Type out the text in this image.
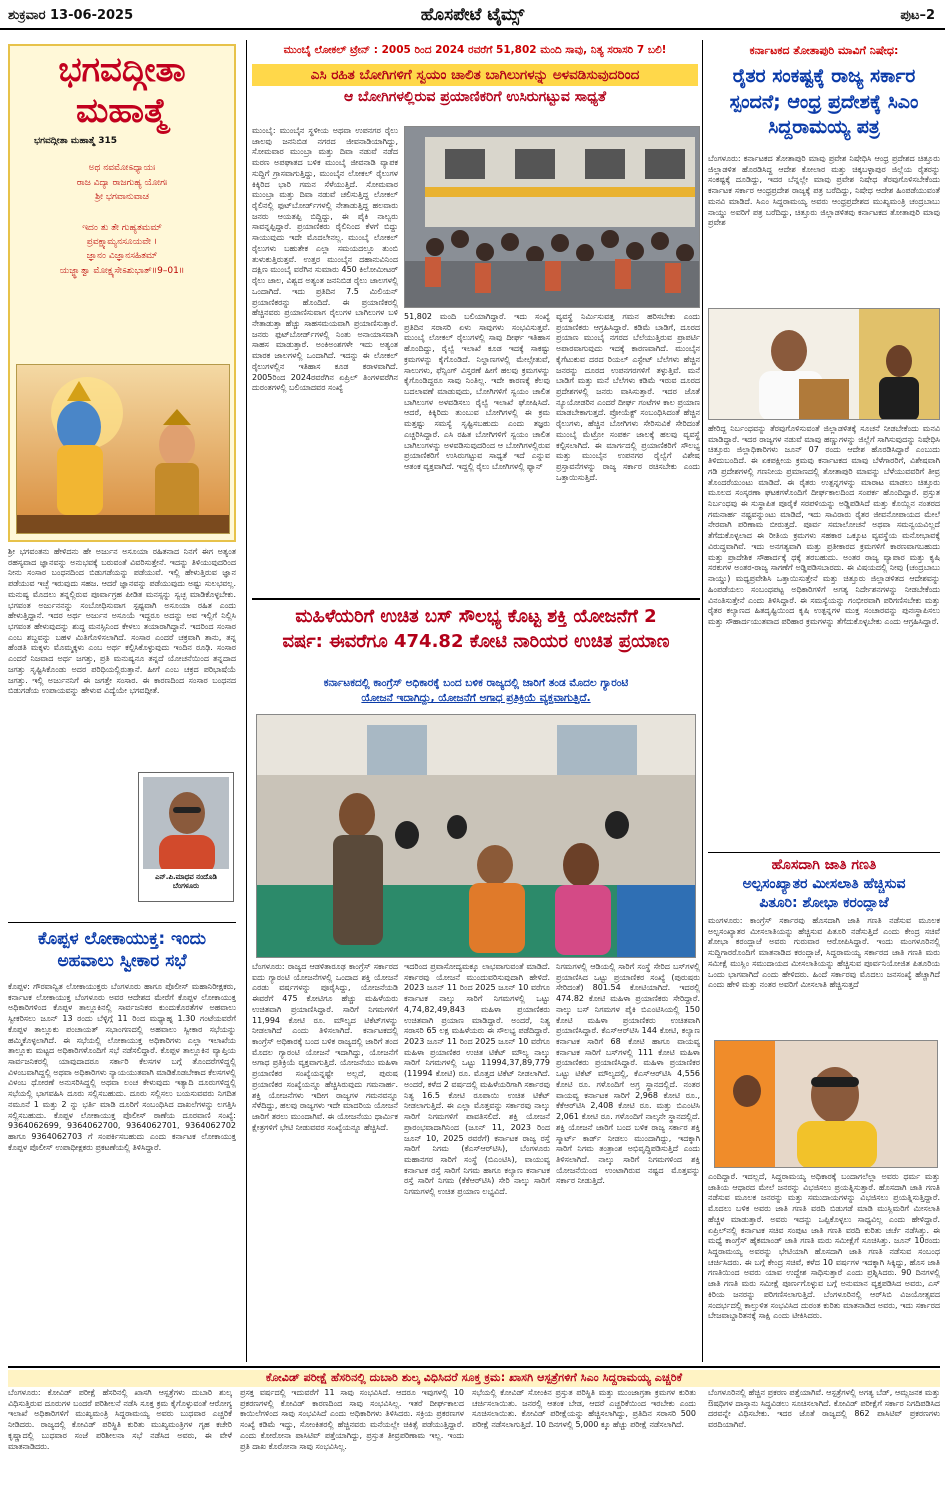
ಶುಕ್ರವಾರ 13-06-2025	ಹೊಸಪೇಟೆ ಟೈಮ್ಸ್	ಪುಟ–2
ಭಗವದ್ಗೀತಾ
ಮಹಾತ್ಮೆ
ಭಗವದ್ಗೀತಾ ಮಹಾತ್ಮೆ 315
ಅಥ ನವಮೋಽಧ್ಯಾಯಃ
ರಾಜ ವಿದ್ಯಾ ರಾಜಗುಹ್ಯ ಯೋಗಃ
ಶ್ರೀ ಭಗವಾನುವಾಚ
ಇದಂ ತು ತೇ ಗುಹ್ಯತಮಮ್
ಪ್ರವಕ್ಷ್ಯಾಮ್ಯನಸೂಯವೇ ।
ಜ್ಞಾನಂ ವಿಜ್ಞಾನಸಹಿತಮ್
ಯಜ್ಜ್ಞಾತ್ವಾ ಮೋಕ್ಷ್ಯಸೇಽಶುಭಾತ್॥9–01॥
ಶ್ರೀ ಭಗವಂತನು ಹೇಳಿದನು ಹೇ ಅರ್ಜುನ ಅಸೂಯಾ ರಹಿತನಾದ ನಿನಗೆ ಈಗ ಅತ್ಯಂತ ರಹಸ್ಯವಾದ ಜ್ಞಾನವನ್ನು ಅನುಭವಕ್ಕೆ ಬರುವಂತೆ ವಿವರಿಸುತ್ತೇನೆ. ಇದನ್ನು ತಿಳಿಯುವುದರಿಂದ ನೀನು ಸಂಸಾರ ಬಂಧನದಿಂದ ಬಿಡುಗಡೆಯನ್ನು ಪಡೆಯುವೆ. ಇಲ್ಲಿ ಹೇಳುತ್ತಿರುವ ಜ್ಞಾನ ಪಡೆಯುವ ಇಚ್ಛೆ ಇರುವುದು ಸಹಜ. ಆದರೆ ಜ್ಞಾನವನ್ನು ಪಡೆಯುವುದು ಅಷ್ಟು ಸುಲಭವಲ್ಲ. ಮನುಷ್ಯ ಮೊದಲು ತನ್ನಲ್ಲಿರುವ ಪೂರ್ವಾಗ್ರಹ ಪೀಡಿತ ಮನಸ್ಸನ್ನು ಸ್ವಚ್ಛ ಮಾಡಿಕೊಳ್ಳಬೇಕು. ಭಗವಂತ ಅರ್ಜುನನನ್ನು ಸಂಬೋಧಿಸುವಾಗ ಸ್ಪಷ್ಟವಾಗಿ ಅಸೂಯಾ ರಹಿತ ಎಂದು ಹೇಳುತ್ತಿದ್ದಾನೆ. ಇದರ ಅರ್ಥ ಅರ್ಜುನ ಅಸೂಯೆ ಇದ್ದರೂ ಅದನ್ನು ಅವ ಇಲ್ಲಿಗೆ ನಿಲ್ಲಿಸಿ ಭಗವಂತ ಹೇಳುವುದನ್ನು ಶುದ್ಧ ಮನಸ್ಸಿನಿಂದ ಕೇಳಲು ತಯಾರಾಗಿದ್ದಾನೆ. ಇದರಿಂದ ಸಂಸಾರ ಎಂಬ ಶಬ್ದವನ್ನು ಬಹಳ ಮಿತಿಗೊಳಿಸಲಾಗಿದೆ. ಸಂಸಾರ ಎಂದರೆ ಚಕ್ರವಾಗಿ ತಾನು, ತನ್ನ ಹೆಂಡತಿ ಮಕ್ಕಳು ಮೊಮ್ಮಕ್ಕಳು ಎಂಬ ಅರ್ಥ ಕಲ್ಪಿಸಿಕೊಳ್ಳುವುದು ಇಂದಿನ ರೂಢಿ. ಸಂಸಾರ ಎಂದರೆ ನಿಜವಾದ ಅರ್ಥ ಜಗತ್ತು, ಪ್ರತಿ ಮನುಷ್ಯನೂ ತನ್ನದೆ ಯೋಚನೆಯಿಂದ ತನ್ನದಾದ ಜಗತ್ತು ಸೃಷ್ಟಿಸಿಕೊಂಡು ಅದರ ಪರಿಧಿಯಲ್ಲಿರುತ್ತಾನೆ. ಹೀಗೆ ಎಂಬ ಚಕ್ರದ ಪರಿಭಾಷೆಯೆ ಜಗತ್ತು. ಇಲ್ಲಿ ಅರ್ಜುನನಿಗೆ ಈ ಜಗತ್ತೇ ಸಂಸಾರ. ಈ ಕಾರಣದಿಂದ ಸಂಸಾರ ಬಂಧನದ ಬಿಡುಗಡೆಯ ಉಪಾಯವನ್ನು ಹೇಳುವ ವಿದ್ಯೆಯೇ ಭಗವದ್ಗೀತೆ.
ಎನ್.ಪಿ.ಮಾಧವ ನಂದೊಡಿ
ಬೆಂಗಳೂರು
ಕೊಪ್ಪಳ ಲೋಕಾಯುಕ್ತ: ಇಂದು
ಅಹವಾಲು ಸ್ವೀಕಾರ ಸಭೆ
ಕೊಪ್ಪಳ: ಗೌರವಾನ್ವಿತ ಲೋಕಾಯುಕ್ತರು ಬೆಂಗಳೂರು ಹಾಗೂ ಪೊಲೀಸ್ ಮಹಾನಿರೀಕ್ಷಕರು, ಕರ್ನಾಟಕ ಲೋಕಾಯುಕ್ತ ಬೆಂಗಳೂರು ಅವರ ಆದೇಶದ ಮೇರೆಗೆ ಕೊಪ್ಪಳ ಲೋಕಾಯುಕ್ತ ಅಧಿಕಾರಿಗಳಿಂದ ಕೊಪ್ಪಳ ತಾಲ್ಲೂಕಿನಲ್ಲಿ ಸಾರ್ವಜನಿಕರ ಕುಂದುಕೊರತೆಗಳ ಅಹವಾಲು ಸ್ವೀಕರಿಸಲು ಜೂನ್ 13 ರಂದು ಬೆಳ್ಳಿಗ್ಗೆ 11 ರಿಂದ ಮಧ್ಯಾಹ್ನ 1.30 ಗಂಟೆಯವರೆಗೆ ಕೊಪ್ಪಳ ತಾಲ್ಲೂಕು ಪಂಚಾಯತ್ ಸಭಾಂಗಣದಲ್ಲಿ ಅಹವಾಲು ಸ್ವೀಕಾರ ಸಭೆಯನ್ನು ಹಮ್ಮಿಕೊಳ್ಳಲಾಗಿದೆ. ಈ ಸಭೆಯಲ್ಲಿ ಲೋಕಾಯುಕ್ತ ಅಧಿಕಾರಿಗಳು ಎಲ್ಲಾ ಇಲಾಖೆಯ ತಾಲ್ಲೂಕು ಮಟ್ಟದ ಅಧಿಕಾರಿಗಳೊಂದಿಗೆ ಸಭೆ ನಡೆಸಲಿದ್ದಾರೆ. ಕೊಪ್ಪಳ ತಾಲ್ಲೂಕಿನ ವ್ಯಾಪ್ತಿಯ ಸಾರ್ವಜನಿಕರಲ್ಲಿ ಯಾವುದಾದರೂ ಸರ್ಕಾರಿ ಕೆಲಸಗಳ ಬಗ್ಗೆ ತೊಂದರೆಗಳಿದ್ದಲ್ಲಿ ವಿಳಂಬವಾಗಿದ್ದಲ್ಲಿ ಅಥವಾ ಅಧಿಕಾರಿಗಳು ನ್ಯಾಯಯುತವಾಗಿ ಮಾಡಿಕೊಡಬೇಕಾದ ಕೆಲಸಗಳಲ್ಲಿ ವಿಳಂಬ ಧೋರಣೆ ಅನುಸರಿಸಿದ್ದಲ್ಲಿ ಅಥವಾ ಲಂಚ ಕೇಳುವುದು ಇತ್ಯಾದಿ ದೂರುಗಳಿದ್ದಲ್ಲಿ ಸಭೆಯಲ್ಲಿ ಭಾಗವಹಿಸಿ ದೂರು ಸಲ್ಲಿಸಬಹುದು. ದೂರು ಸಲ್ಲಿಸಲು ಬಯಸುವವರು ನಿಗದಿತ ನಮೂನೆ 1 ಮತ್ತು 2 ನ್ನು ಭರ್ತಿ ಮಾಡಿ ದೂರಿಗೆ ಸಂಬಂಧಿಸಿದ ದಾಖಲೆಗಳನ್ನು ಲಗತ್ತಿಸಿ ಸಲ್ಲಿಸಬಹುದು. ಕೊಪ್ಪಳ ಲೋಕಾಯುಕ್ತ ಪೊಲೀಸ್ ಠಾಣೆಯ ದೂರವಾಣಿ ಸಂಖ್ಯೆ: 9364062699, 9364062700, 9364062701, 9364062702 ಹಾಗೂ 9364062703 ಗೆ ಸಂಪರ್ಕಿಸಬಹುದು ಎಂದು ಕರ್ನಾಟಕ ಲೋಕಾಯುಕ್ತ ಕೊಪ್ಪಳ ಪೊಲೀಸ್ ಉಪಾಧೀಕ್ಷಕರು ಪ್ರಕಟಣೆಯಲ್ಲಿ ತಿಳಿಸಿದ್ದಾರೆ.
ಮುಂಬೈ ಲೋಕಲ್ ಟ್ರೇನ್ : 2005 ರಿಂದ 2024 ರವರೆಗೆ 51,802 ಮಂದಿ ಸಾವು, ನಿತ್ಯ ಸರಾಸರಿ 7 ಬಲಿ!
ಎಸಿ ರಹಿತ ಬೋಗಿಗಳಿಗೆ ಸ್ವಯಂ ಚಾಲಿತ ಬಾಗಿಲುಗಳನ್ನು ಅಳವಡಿಸುವುದರಿಂದ
ಆ ಬೋಗಿಗಳಲ್ಲಿರುವ ಪ್ರಯಾಣಿಕರಿಗೆ ಉಸಿರುಗಟ್ಟುವ ಸಾಧ್ಯತೆ
ಮುಂಬೈ: ಮುಂಬೈನ ಸ್ಥಳೀಯ ಅಥವಾ ಉಪನಗರ ರೈಲು ಜಾಲವು ಜನನಿಬಿಡ ನಗರದ ಜೀವನಾಡಿಯಾಗಿದ್ದು, ಸೋಮವಾರ ಮುಂಬ್ರಾ ಮತ್ತು ದಿವಾ ನಡುವೆ ನಡೆದ ಮರಣ ಅಪಘಾತದ ಬಳಿಕ ಮುಂಬೈ ಜೀವನಾಡಿ ವ್ಯಾಪಕ ಸುದ್ದಿಗೆ ಗ್ರಾಸವಾಗುತ್ತಿದ್ದು, ಮುಂಬೈನ ಲೋಕಲ್ ರೈಲುಗಳ ಕಿಕ್ಕಿರಿದ ಭಾರಿ ಗಮನ ಸೆಳೆಯುತ್ತಿದೆ. ಸೋಮವಾರ ಮುಂಬ್ರಾ ಮತ್ತು ದಿವಾ ನಡುವೆ ಚಲಿಸುತ್ತಿದ್ದ ಲೋಕಲ್ ರೈಲಿನಲ್ಲಿ ಫುಟ್‌ಬೋರ್ಡ್‌ಗಳಲ್ಲಿ ನೇತಾಡುತ್ತಿದ್ದ ಹಲವಾರು ಜನರು ಆಯತಪ್ಪಿ ಬಿದ್ದಿದ್ದು, ಈ ಪೈಕಿ ನಾಲ್ವರು ಸಾವನ್ನಪ್ಪಿದ್ದಾರೆ. ಪ್ರಯಾಣಿಕರು ರೈಲಿನಿಂದ ಕೆಳಗೆ ಬಿದ್ದು ಸಾಯುವುದು ಇದೇ ಮೊದಲೇನಲ್ಲ. ಮುಂಬೈ ಲೋಕಲ್ ರೈಲುಗಳು ಬಹುತೇಕ ಎಲ್ಲಾ ಸಮಯದಲ್ಲೂ ತುಂಬಿ ತುಳುಕುತ್ತಿರುತ್ತವೆ. ಉತ್ತರ ಮುಂಬೈನ ದಹಾನುವಿನಿಂದ ದಕ್ಷಿಣ ಮುಂಬೈ ವರೆಗಿನ ಸುಮಾರು 450 ಕಿಲೋಮೀಟರ್ ರೈಲು ಜಾಲ, ವಿಶ್ವದ ಅತ್ಯಂತ ಜನನಿಬಿಡ ರೈಲು ಜಾಲಗಳಲ್ಲಿ ಒಂದಾಗಿದೆ. ಇದು ಪ್ರತಿದಿನ 7.5 ಮಿಲಿಯನ್ ಪ್ರಯಾಣಿಕರನ್ನು ಹೊಂದಿದೆ. ಈ ಪ್ರಯಾಣಿಕರಲ್ಲಿ ಹೆಚ್ಚಿನವರು ಪ್ರಯಾಣಿಸುವಾಗ ರೈಲುಗಳ ಬಾಗಿಲುಗಳ ಬಳಿ ನೇತಾಡುತ್ತಾ ಹೆಚ್ಚು ಸಾಹಸಮಯವಾಗಿ ಪ್ರಯಾಣಿಸುತ್ತಾರೆ. ಜನರು ಫುಟ್‌ಬೋರ್ಡ್‌ಗಳಲ್ಲಿ ನಿಂತು ಅನಾಯಾಸವಾಗಿ ಸಾಹಸ ಮಾಡುತ್ತಾರೆ. ಅಂಕಿಅಂಶಗಳೇ ಇದು ಅತ್ಯಂತ ಮಾರಕ ಜಾಲಗಳಲ್ಲಿ ಒಂದಾಗಿದೆ. ಇದನ್ನು ಈ ಲೋಕಲ್ ರೈಲುಗಳಲ್ಲಿನ ಇತಿಹಾಸ ಕೂಡ ಕರಾಳವಾಗಿದೆ. 2005ರಿಂದ 2024ರವರೆಗಿನ ಏಪ್ರಿಲ್ ತಿಂಗಳವರೆಗಿನ ದುರಂತಗಳಲ್ಲಿ ಬಲಿಯಾದವರ ಸಂಖ್ಯೆ
51,802 ಮಂದಿ ಬಲಿಯಾಗಿದ್ದಾರೆ. ಇದು ಸಂಖ್ಯೆ ಪ್ರತಿದಿನ ಸರಾಸರಿ ಏಳು ಸಾವುಗಳು ಸಂಭವಿಸುತ್ತವೆ. ಮುಂಬೈ ಲೋಕಲ್ ರೈಲುಗಳಲ್ಲಿ ಸಾವು ದೀರ್ಘ ಇತಿಹಾಸ ಹೊಂದಿದ್ದು, ರೈಲ್ವೆ ಇಲಾಖೆ ಕೂಡ ಇದಕ್ಕೆ ಸಾಕಷ್ಟು ಕ್ರಮಗಳನ್ನು ಕೈಗೊಂಡಿದೆ. ನಿಲ್ದಾಣಗಳಲ್ಲಿ ಮೇಲ್ಸೇತುವೆ, ಸಾಲುಗಳು, ಫೆನ್ಸಿಂಗ್ ವಿಸ್ತರಣೆ ಹೀಗೆ ಹಲವು ಕ್ರಮಗಳನ್ನು ಕೈಗೊಂಡಿದ್ದರೂ ಸಾವು ನಿಂತಿಲ್ಲ. ಇದೇ ಕಾರಣಕ್ಕೆ ಕೆಲವು ಬದಲಾವಣೆ ಮಾಡುವುದು, ಬೋಗಿಗಳಿಗೆ ಸ್ವಯಂ ಚಾಲಿತ ಬಾಗಿಲುಗಳ ಅಳವಡಿಸಲು ರೈಲ್ವೆ ಇಲಾಖೆ ಘೋಷಿಸಿದೆ. ಆದರೆ, ಕಿಕ್ಕಿರಿದು ತುಂಬುವ ಬೋಗಿಗಳಲ್ಲಿ ಈ ಕ್ರಮ ಮತ್ತಷ್ಟು ಸಮಸ್ಯೆ ಸೃಷ್ಟಿಸಬಹುದು ಎಂದು ತಜ್ಞರು ಎಚ್ಚರಿಸಿದ್ದಾರೆ. ಎಸಿ ರಹಿತ ಬೋಗಿಗಳಿಗೆ ಸ್ವಯಂ ಚಾಲಿತ ಬಾಗಿಲುಗಳನ್ನು ಅಳವಡಿಸುವುದರಿಂದ ಆ ಬೋಗಿಗಳಲ್ಲಿರುವ ಪ್ರಯಾಣಿಕರಿಗೆ ಉಸಿರುಗಟ್ಟುವ ಸಾಧ್ಯತೆ ಇದೆ ಎನ್ನುವ ಆತಂಕ ವ್ಯಕ್ತವಾಗಿದೆ. ಇದ್ದಲ್ಲಿ ರೈಲು ಬೋಗಿಗಳಲ್ಲಿ ಫ್ಯಾನ್
ವ್ಯವಸ್ಥೆ ನಿರ್ಮಿಸುವತ್ತ ಗಮನ ಹರಿಸಬೇಕು ಎಂದು ಪ್ರಯಾಣಿಕರು ಆಗ್ರಹಿಸಿದ್ದಾರೆ. ಕಡಿಮೆ ಬಾಡಿಗೆ, ದೂರದ ಪ್ರಯಾಣ ಮುಂಬೈ ನಗರದ ಬೆಲೆಯುತ್ತಿರುವ ಪ್ರಾಪರ್ಟಿ ಅಪಾರವಾಗುವುದು ಇದಕ್ಕೆ ಕಾರಣವಾಗಿದೆ. ಮುಂಬೈನ ಕೈಗೆಟುಕುವ ದರದ ರಿಯಲ್ ಎಸ್ಟೇಟ್ ಬೆಲೆಗಳು ಹೆಚ್ಚಿನ ಜನರನ್ನು ದೂರದ ಉಪನಗರಗಳಿಗೆ ತಳ್ಳುತ್ತಿವೆ. ಮನೆ ಬಾಡಿಗೆ ಮತ್ತು ಮನೆ ಬೆಲೆಗಳು ಕಡಿಮೆ ಇರುವ ದೂರದ ಪ್ರದೇಶಗಳಲ್ಲಿ ಜನರು ವಾಸಿಸುತ್ತಾರೆ. ಇದರ ಜೊತೆ ನ್ಯೂಯೋಡರಿನ ಎಂದರೆ ದೀರ್ಘ ಗಂಟೆಗಳ ಕಾಲ ಪ್ರಯಾಣ ಮಾಡಬೇಕಾಗುತ್ತದೆ. ಪ್ರೋಯೆಕ್ಟ್ ಸಂಬಂಧಿಸಿದಂತೆ ಹೆಚ್ಚಿನ ರೈಲುಗಳು, ಹೆಚ್ಚಿನ ಬೋಗಿಗಳು ಸೇರಿಸುವಿಕೆ ಸೇರಿದಂತೆ ಮುಂಬೈ ಮೆಟ್ರೋ ಸಂಪರ್ಕ ಜಾಲಕ್ಕೆ ಹಲವು ವ್ಯವಸ್ಥೆ ಕಲ್ಪಿಸಲಾಗಿದೆ. ಈ ಮಾರ್ಗದಲ್ಲಿ ಪ್ರಯಾಣಿಕರಿಗೆ ಸೌಲಭ್ಯ ಮತ್ತು ಮುಂಬೈನ ಉಪನಗರ ರೈಲ್ವೆಗೆ ವಿಶೇಷ ಪ್ರಸ್ತಾವನೆಗಳನ್ನು ರಾಜ್ಯ ಸರ್ಕಾರ ರಚಿಸಬೇಕು ಎಂದು ಒತ್ತಾಯಿಸುತ್ತಿದೆ.
ಮಹಿಳೆಯರಿಗೆ ಉಚಿತ ಬಸ್ ಸೌಲಭ್ಯ ಕೊಟ್ಟ ಶಕ್ತಿ ಯೋಜನೆಗೆ 2
ವರ್ಷ: ಈವರೆಗೂ 474.82 ಕೋಟಿ ನಾರಿಯರ ಉಚಿತ ಪ್ರಯಾಣ
ಕರ್ನಾಟಕದಲ್ಲಿ ಕಾಂಗ್ರೆಸ್ ಅಧಿಕಾರಕ್ಕೆ ಬಂದ ಬಳಿಕ ರಾಜ್ಯದಲ್ಲಿ ಜಾರಿಗೆ ತಂಡ ಮೊದಲ ಗ್ಯಾರಂಟಿ
ಯೋಜನೆ ಇದಾಗಿದ್ದು, ಯೋಜನೆಗೆ ಅಗಾಧ ಪ್ರತಿಕ್ರಿಯೆ ವ್ಯಕ್ತವಾಗುತ್ತಿದೆ.
ಬೆಂಗಳೂರು: ರಾಜ್ಯದ ಆಡಳಿತಾರೂಢ ಕಾಂಗ್ರೆಸ್ ಸರ್ಕಾರದ ಐದು ಗ್ಯಾರಂಟಿ ಯೋಜನೆಗಳಲ್ಲಿ ಒಂದಾದ ಶಕ್ತಿ ಯೋಜನೆ ಎರಡು ವರ್ಷಗಳನ್ನು ಪೂರೈಸಿದ್ದು, ಯೋಜನೆಯಡಿ ಈವರೆಗೆ 475 ಕೋಟಿಗೂ ಹೆಚ್ಚು ಮಹಿಳೆಯರು ಉಚಿತವಾಗಿ ಪ್ರಯಾಣಿಸಿದ್ದಾರೆ. ಸಾರಿಗೆ ನಿಗಮಗಳಿಗೆ 11,994 ಕೋಟಿ ರೂ. ಮೌಲ್ಯದ ಟಿಕೆಟ್‌ಗಳನ್ನು ನೀಡಲಾಗಿದೆ ಎಂದು ತಿಳಿಸಲಾಗಿದೆ. ಕರ್ನಾಟಕದಲ್ಲಿ ಕಾಂಗ್ರೆಸ್ ಅಧಿಕಾರಕ್ಕೆ ಬಂದ ಬಳಿಕ ರಾಜ್ಯದಲ್ಲಿ ಜಾರಿಗೆ ತಂದ ಮೊದಲ ಗ್ಯಾರಂಟಿ ಯೋಜನೆ ಇದಾಗಿದ್ದು, ಯೋಜನೆಗೆ ಅಗಾಧ ಪ್ರತಿಕ್ರಿಯೆ ವ್ಯಕ್ತವಾಗುತ್ತಿದೆ. ಯೋಜನೆಯು ಮಹಿಳಾ ಪ್ರಯಾಣಿಕರ ಸಂಖ್ಯೆಯನ್ನಷ್ಟೇ ಅಲ್ಲದೆ, ಪುರುಷ ಪ್ರಯಾಣಿಕರ ಸಂಖ್ಯೆಯನ್ನೂ ಹೆಚ್ಚಿಸಿರುವುದು ಗಮನಾರ್ಹ. ಶಕ್ತಿ ಯೋಜನೆಗಳು ಇದೀಗ ರಾಜ್ಯಗಳ ಗಮನವನ್ನೂ ಸೆಳೆದಿದ್ದು, ಹಲವು ರಾಜ್ಯಗಳು ಇದೇ ಮಾದರಿಯ ಯೋಜನೆ ಜಾರಿಗೆ ತರಲು ಮುಂದಾಗಿವೆ. ಈ ಯೋಜನೆಯು ಧಾರ್ಮಿಕ ಕ್ಷೇತ್ರಗಳಿಗೆ ಭೇಟಿ ನೀಡುವವರ ಸಂಖ್ಯೆಯನ್ನೂ ಹೆಚ್ಚಿಸಿದೆ.
ಇದರಿಂದ ಪ್ರವಾಸೋದ್ಯಮಕ್ಕೂ ಲಾಭವಾಗುವಂತೆ ಮಾಡಿದೆ. ಸರ್ಕಾರವು ಯೋಜನೆ ಮುಂದುವರಿಸುವುದಾಗಿ ಹೇಳಿದೆ. 2023 ಜೂನ್ 11 ರಿಂದ 2025 ಜೂನ್ 10 ವರೆಗೂ ಕರ್ನಾಟಕ ನಾಲ್ಕು ಸಾರಿಗೆ ನಿಗಮಗಳಲ್ಲಿ ಒಟ್ಟು 4,74,82,49,843 ಮಹಿಳಾ ಪ್ರಯಾಣಿಕರು ಉಚಿತವಾಗಿ ಪ್ರಯಾಣ ಮಾಡಿದ್ದಾರೆ. ಅಂದರೆ, ನಿತ್ಯ ಸರಾಸರಿ 65 ಲಕ್ಷ ಮಹಿಳೆಯರು ಈ ಸೌಲಭ್ಯ ಪಡೆದಿದ್ದಾರೆ. 2023 ಜೂನ್ 11 ರಿಂದ 2025 ಜೂನ್ 10 ವರೆಗೂ ಮಹಿಳಾ ಪ್ರಯಾಣಿಕರ ಉಚಿತ ಟಿಕೆಟ್ ಮೌಲ್ಯ ನಾಲ್ಕು ಸಾರಿಗೆ ನಿಗಮಗಳಲ್ಲಿ ಒಟ್ಟು 11994,37,89,779 (11994 ಕೋಟಿ) ರೂ. ಮೊತ್ತದ ಟಿಕೆಟ್ ನೀಡಲಾಗಿದೆ. ಅಂದರೆ, ಕಳೆದ 2 ವರ್ಷದಲ್ಲಿ ಮಹಿಳೆಯರಿಗಾಗಿ ಸರ್ಕಾರವು ನಿತ್ಯ 16.5 ಕೋಟಿ ರೂಪಾಯಿ ಉಚಿತ ಟಿಕೆಟ್ ನೀಡಲಾಗುತ್ತಿದೆ. ಈ ಎಲ್ಲಾ ಮೊತ್ತವನ್ನು ಸರ್ಕಾರವು ನಾಲ್ಕು ಸಾರಿಗೆ ನಿಗಮಗಳಿಗೆ ಪಾವತಿಸಲಿದೆ. ಶಕ್ತಿ ಯೋಜನೆ ಪ್ರಾರಂಭವಾದಾಗಿನಿಂದ (ಜೂನ್ 11, 2023 ರಿಂದ ಜೂನ್ 10, 2025 ರವರೆಗೆ) ಕರ್ನಾಟಕ ರಾಜ್ಯ ರಸ್ತೆ ಸಾರಿಗೆ ನಿಗಮ (ಕೆಎಸ್‌ಆರ್‌ಟಿಸಿ), ಬೆಂಗಳೂರು ಮಹಾನಗರ ಸಾರಿಗೆ ಸಂಸ್ಥೆ (ಬಿಎಂಟಿಸಿ), ವಾಯುವ್ಯ ಕರ್ನಾಟಕ ರಸ್ತೆ ಸಾರಿಗೆ ನಿಗಮ ಹಾಗೂ ಕಲ್ಯಾಣ ಕರ್ನಾಟಕ ರಸ್ತೆ ಸಾರಿಗೆ ನಿಗಮ (ಕೆಕೆಆರ್‌ಟಿಸಿ) ಸೇರಿ ನಾಲ್ಕು ಸಾರಿಗೆ ನಿಗಮಗಳಲ್ಲಿ ಉಚಿತ ಪ್ರಯಾಣ ಲಭ್ಯವಿದೆ.
ನಿಗಮಗಳಲ್ಲಿ ಆಡಿಯಲ್ಲಿ ಸಾರಿಗೆ ಸಂಸ್ಥೆ ಸೇರಿದ ಬಸ್‌ಗಳಲ್ಲಿ ಪ್ರಯಾಣಿಸಿದ ಒಟ್ಟು ಪ್ರಯಾಣಿಕರ ಸಂಖ್ಯೆ (ಪುರುಷರು ಸೇರಿದಂತೆ) 801.54 ಕೋಟಿಯಾಗಿದೆ. ಇದರಲ್ಲಿ 474.82 ಕೋಟಿ ಮಹಿಳಾ ಪ್ರಯಾಣಿಕರು ಸೇರಿದ್ದಾರೆ. ನಾಲ್ಕು ಬಸ್ ನಿಗಮಗಳ ಪೈಕಿ ಬಿಎಂಟಿಸಿಯಲ್ಲಿ 150 ಕೋಟಿ ಮಹಿಳಾ ಪ್ರಯಾಣಿಕರು ಉಚಿತವಾಗಿ ಪ್ರಯಾಣಿಸಿದ್ದಾರೆ. ಕೆಎಸ್‌ಆರ್‌ಟಿಸಿ 144 ಕೋಟಿ, ಕಲ್ಯಾಣ ಕರ್ನಾಟಕ ಸಾರಿಗೆ 68 ಕೋಟಿ ಹಾಗೂ ವಾಯವ್ಯ ಕರ್ನಾಟಕ ಸಾರಿಗೆ ಬಸ್‌ಗಳಲ್ಲಿ 111 ಕೋಟಿ ಮಹಿಳಾ ಪ್ರಯಾಣಿಕರು ಪ್ರಯಾಣಿಸಿದ್ದಾರೆ. ಮಹಿಳಾ ಪ್ರಯಾಣಿಕರ ಒಟ್ಟು ಟಿಕೆಟ್ ಮೌಲ್ಯದಲ್ಲಿ, ಕೆಎಸ್‌ಆರ್‌ಟಿಸಿ 4,556 ಕೋಟಿ ರೂ. ಗಳೊಂದಿಗೆ ಅಗ್ರ ಸ್ಥಾನದಲ್ಲಿದೆ. ನಂತರ ವಾಯವ್ಯ ಕರ್ನಾಟಕ ಸಾರಿಗೆ 2,968 ಕೋಟಿ ರೂ., ಕೆಕೆಆರ್‌ಟಿಸಿ 2,408 ಕೋಟಿ ರೂ. ಮತ್ತು ಬಿಎಂಟಿಸಿ 2,061 ಕೋಟಿ ರೂ. ಗಳೊಂದಿಗೆ ನಾಲ್ಕನೇ ಸ್ಥಾನದಲ್ಲಿದೆ. ಶಕ್ತಿ ಯೋಜನೆ ಜಾರಿಗೆ ಬಂದ ಬಳಿಕ ರಾಜ್ಯ ಸರ್ಕಾರ ಶಕ್ತಿ ಸ್ಮಾರ್ಟ್ ಕಾರ್ಡ್ ನೀಡಲು ಮುಂದಾಗಿದ್ದು, ಇದಕ್ಕಾಗಿ ಸಾರಿಗೆ ನಿಗಮ ತಂತ್ರಾಂಶ ಅಭಿವೃದ್ಧಿಪಡಿಸುತ್ತಿದೆ ಎಂದು ತಿಳಿಸಲಾಗಿದೆ. ನಾಲ್ಕು ಸಾರಿಗೆ ನಿಗಮಗಳಿಂದ ಶಕ್ತಿ ಯೋಜನೆಯಿಂದ ಉಂಟಾಗಿರುವ ನಷ್ಟದ ಮೊತ್ತವನ್ನು ಸರ್ಕಾರ ನೀಡುತ್ತಿದೆ.
ಕರ್ನಾಟಕದ ತೋತಾಪುರಿ ಮಾವಿಗೆ ನಿಷೇಧ:
ರೈತರ ಸಂಕಷ್ಟಕ್ಕೆ ರಾಜ್ಯ ಸರ್ಕಾರ
ಸ್ಪಂದನೆ; ಆಂಧ್ರ ಪ್ರದೇಶಕ್ಕೆ ಸಿಎಂ
ಸಿದ್ದರಾಮಯ್ಯ ಪತ್ರ
ಬೆಂಗಳೂರು: ಕರ್ನಾಟಕದ ತೋತಾಪುರಿ ಮಾವು ಪ್ರವೇಶ ನಿಷೇಧಿಸಿ ಆಂಧ್ರ ಪ್ರದೇಶದ ಚಿತ್ತೂರು ಜಿಲ್ಲಾಡಳಿತ ಹೊರಡಿಸಿದ್ದ ಆದೇಶ ಕೋಲಾರ ಮತ್ತು ಚಿಕ್ಕಬಳ್ಳಾಪುರ ಜಿಲ್ಲೆಯ ರೈತರನ್ನು ಸಂಕಷ್ಟಕ್ಕೆ ದೂಡಿದ್ದು, ಇದರ ಬೆನ್ನಲ್ಲೇ ಮಾವು ಪ್ರವೇಶ ನಿಷೇಧ ತೆರವುಗೊಳಿಸಬೇಕೆಂದು ಕರ್ನಾಟಕ ಸರ್ಕಾರ ಆಂಧ್ರಪ್ರದೇಶ ರಾಜ್ಯಕ್ಕೆ ಪತ್ರ ಬರೆದಿದ್ದು, ನಿಷೇಧ ಆದೇಶ ಹಿಂಪಡೆಯುವಂತೆ ಮನವಿ ಮಾಡಿದೆ. ಸಿಎಂ ಸಿದ್ದರಾಮಯ್ಯ ಅವರು ಆಂಧ್ರಪ್ರದೇಶದ ಮುಖ್ಯಮಂತ್ರಿ ಚಂದ್ರಬಾಬು ನಾಯ್ಡು ಅವರಿಗೆ ಪತ್ರ ಬರೆದಿದ್ದು, ಚಿತ್ತೂರು ಜಿಲ್ಲಾಡಳಿತವು ಕರ್ನಾಟಕದ ತೋತಾಪುರಿ ಮಾವು ಪ್ರವೇಶ
ಹೇರಿದ್ದ ನಿರ್ಬಂಧವನ್ನು ತೆರವುಗೊಳಿಸುವಂತೆ ಜಿಲ್ಲಾಡಳಿತಕ್ಕೆ ಸೂಚನೆ ನೀಡಬೇಕೆಂದು ಮನವಿ ಮಾಡಿದ್ದಾರೆ. ಇದರ ರಾಜ್ಯಗಳ ನಡುವೆ ಮಾವು ಹಣ್ಣುಗಳನ್ನು ಜಿಲ್ಲೆಗೆ ಸಾಗಿಸುವುದನ್ನು ನಿಷೇಧಿಸಿ ಚಿತ್ತೂರು ಜಿಲ್ಲಾಧಿಕಾರಿಗಳು ಜೂನ್ 07 ರಂದು ಆದೇಶ ಹೊರಡಿಸಿದ್ದಾರೆ ಎಂಬುದು ತಿಳಿದುಬಂದಿದೆ. ಈ ಏಕಪಕ್ಷೀಯ ಕ್ರಮವು ಕರ್ನಾಟಕದ ಮಾವು ಬೆಳೆಗಾರರಿಗೆ, ವಿಶೇಷವಾಗಿ ಗಡಿ ಪ್ರದೇಶಗಳಲ್ಲಿ ಗಣನೀಯ ಪ್ರಮಾಣದಲ್ಲಿ ತೋತಾಪುರಿ ಮಾವನ್ನು ಬೆಳೆಯುವವರಿಗೆ ತೀವ್ರ ತೊಂದರೆಯುಂಟು ಮಾಡಿದೆ. ಈ ರೈತರು ಉತ್ಪನ್ನಗಳನ್ನು ಮಾರಾಟ ಮಾಡಲು ಚಿತ್ತೂರು ಮೂಲದ ಸಂಸ್ಕರಣಾ ಘಟಕಗಳೊಂದಿಗೆ ದೀರ್ಘಕಾಲದಿಂದ ಸಂಪರ್ಕ ಹೊಂದಿದ್ದಾರೆ. ಪ್ರಸ್ತುತ ನಿರ್ಬಂಧವು ಈ ಸುಸ್ಥಾಪಿತ ಪೂರೈಕೆ ಸರಪಳಿಯನ್ನು ಅಡ್ಡಿಪಡಿಸಿದೆ ಮತ್ತು ಕೊಯ್ಲಿನ ನಂತರದ ಗಮನಾರ್ಹ ನಷ್ಟವನ್ನುಂಟು ಮಾಡಿದೆ, ಇದು ಸಾವಿರಾರು ರೈತರ ಜೀವನೋಪಾಯದ ಮೇಲೆ ನೇರವಾಗಿ ಪರಿಣಾಮ ಬೀರುತ್ತದೆ. ಪೂರ್ವ ಸಮಾಲೋಚನೆ ಅಥವಾ ಸಮನ್ವಯವಿಲ್ಲದೆ ತೆಗೆದುಕೊಳ್ಳಲಾದ ಈ ರೀತಿಯ ಕ್ರಮಗಳು ಸಹಕಾರ ಒಕ್ಕೂಟ ವ್ಯವಸ್ಥೆಯ ಮನೋಭಾವಕ್ಕೆ ವಿರುದ್ಧವಾಗಿವೆ. ಇದು ಅನಗತ್ಯವಾಗಿ ಮತ್ತು ಪ್ರತೀಕಾರದ ಕ್ರಮಗಳಿಗೆ ಕಾರಣವಾಗಬಹುದು ಮತ್ತು ಪ್ರಾದೇಶಿಕ ಸೌಹಾರ್ದಕ್ಕೆ ಧಕ್ಕೆ ತರಬಹುದು. ಅಂತರ ರಾಜ್ಯ ವ್ಯಾಪಾರ ಮತ್ತು ಕೃಷಿ ಸರಕುಗಳ ಅಂತರ-ರಾಜ್ಯ ಸಾಗಣೆಗೆ ಅಡ್ಡಿಪಡಿಸಬಾರದು. ಈ ವಿಷಯದಲ್ಲಿ ನೀವು (ಚಂದ್ರಬಾಬು ನಾಯ್ಡು) ಮಧ್ಯಪ್ರವೇಶಿಸಿ ಒತ್ತಾಯಿಸುತ್ತೇನೆ ಮತ್ತು ಚಿತ್ತೂರು ಜಿಲ್ಲಾಡಳಿತದ ಆದೇಶವನ್ನು ಹಿಂಪಡೆಯಲು ಸಂಬಂಧಪಟ್ಟ ಅಧಿಕಾರಿಗಳಿಗೆ ಅಗತ್ಯ ನಿರ್ದೇಶನಗಳನ್ನು ನೀಡಬೇಕೆಂದು ವಿನಂತಿಸುತ್ತೇನೆ ಎಂದು ತಿಳಿಸಿದ್ದಾರೆ. ಈ ಸಮಸ್ಯೆಯನ್ನು ಗಂಭೀರವಾಗಿ ಪರಿಗಣಿಸಬೇಕು ಮತ್ತು ರೈತರ ಕಲ್ಯಾಣದ ಹಿತದೃಷ್ಟಿಯಿಂದ ಕೃಷಿ ಉತ್ಪನ್ನಗಳ ಮುಕ್ತ ಸಂಚಾರವನ್ನು ಪುನಃಸ್ಥಾಪಿಸಲು ಮತ್ತು ಸೌಹಾರ್ದಯುತವಾದ ಪರಿಹಾರ ಕ್ರಮಗಳನ್ನು ತೆಗೆದುಕೊಳ್ಳಬೇಕು ಎಂದು ಆಗ್ರಹಿಸಿದ್ದಾರೆ.
ಹೊಸದಾಗಿ ಜಾತಿ ಗಣತಿ
ಅಲ್ಪಸಂಖ್ಯಾತರ ಮೀಸಲಾತಿ ಹೆಚ್ಚಿಸುವ
ಪಿತೂರಿ: ಶೋಭಾ ಕರಂದ್ಲಾಜೆ
ಮಂಗಳೂರು: ಕಾಂಗ್ರೆಸ್ ಸರ್ಕಾರವು ಹೊಸದಾಗಿ ಜಾತಿ ಗಣತಿ ನಡೆಸುವ ಮೂಲಕ ಅಲ್ಪಸಂಖ್ಯಾತರ ಮೀಸಲಾತಿಯನ್ನು ಹೆಚ್ಚಿಸುವ ಪಿತೂರಿ ನಡೆಸುತ್ತಿದೆ ಎಂದು ಕೇಂದ್ರ ಸಚಿವೆ ಶೋಭಾ ಕರಂದ್ಲಾಜೆ ಅವರು ಗುರುವಾರ ಆರೋಪಿಸಿದ್ದಾರೆ. ಇಂದು ಮಂಗಳೂರಿನಲ್ಲಿ ಸುದ್ದಿಗಾರರೊಂದಿಗೆ ಮಾತನಾಡಿದ ಕರಂದ್ಲಾಜೆ, ಸಿದ್ದರಾಮಯ್ಯ ಸರ್ಕಾರದ ಜಾತಿ ಗಣತಿ ಮರು ಸಮೀಕ್ಷೆ ಮುಸ್ಲಿಂ ಸಮುದಾಯದ ಮೀಸಲಾತಿಯನ್ನು ಹೆಚ್ಚಿಸುವ ಪೂರ್ವನಿಯೋಜಿತ ಪಿತೂರಿಯ ಒಂದು ಭಾಗವಾಗಿದೆ ಎಂದು ಹೇಳಿದರು. ಹಿಂದೆ ಸರ್ಕಾರವು ಮೊದಲು ಜನಸಂಖ್ಯೆ ಹೆಚ್ಚಾಗಿದೆ ಎಂದು ಹೇಳಿ ಮತ್ತು ನಂತರ ಅವರಿಗೆ ಮೀಸಲಾತಿ ಹೆಚ್ಚಿಸುತ್ತದೆ
ಎಂದಿದ್ದಾರೆ. ಇದಲ್ಲದೆ, ಸಿದ್ದರಾಮಯ್ಯ ಅಧಿಕಾರಕ್ಕೆ ಬಂದಾಗಲೆಲ್ಲಾ ಅವರು ಧರ್ಮ ಮತ್ತು ಜಾತಿಯ ಆಧಾರದ ಮೇಲೆ ಜನರನ್ನು ವಿಭಜಿಸಲು ಪ್ರಯತ್ನಿಸುತ್ತಾರೆ. ಹೊಸದಾಗಿ ಜಾತಿ ಗಣತಿ ನಡೆಸುವ ಮೂಲಕ ಜನರನ್ನು ಮತ್ತು ಸಮುದಾಯಗಳನ್ನು ವಿಭಜಿಸಲು ಪ್ರಯತ್ನಿಸುತ್ತಿದ್ದಾರೆ. ಮೊದಲು ಬಳಿಕ ಅವರು ಜಾತಿ ಗಣತಿ ವರದಿ ಬಿಡುಗಡೆ ಮಾಡಿ ಮುಸ್ಲಿಮರಿಗೆ ಮೀಸಲಾತಿ ಹೆಚ್ಚಳ ಮಾಡುತ್ತಾರೆ. ಅವರು ಇದನ್ನು ಒಪ್ಪಿಕೊಳ್ಳಲು ಸಾಧ್ಯವಿಲ್ಲ ಎಂದು ಹೇಳಿದ್ದಾರೆ. ಏಪ್ರಿಲ್‌ನಲ್ಲಿ ಕರ್ನಾಟಕ ಸಚಿವ ಸಂಪುಟ ಜಾತಿ ಗಣತಿ ವರದಿ ಕುರಿತು ಚರ್ಚೆ ನಡೆಸಿತ್ತು. ಈ ಮಧ್ಯೆ ಕಾಂಗ್ರೆಸ್ ಹೈಕಮಾಂಡ್ ಜಾತಿ ಗಣತಿ ಮರು ಸಮೀಕ್ಷೆಗೆ ಸೂಚಿಸಿತ್ತು. ಜೂನ್ 10ರಂದು ಸಿದ್ದರಾಮಯ್ಯ ಅವರನ್ನು ಭೇಟಿಯಾಗಿ ಹೊಸದಾಗಿ ಜಾತಿ ಗಣತಿ ನಡೆಸುವ ಸಂಬಂಧ ಚರ್ಚಿಸಿದರು. ಈ ಬಗ್ಗೆ ಕೇಂದ್ರ ಸಚಿವೆ, ಕಳೆದ 10 ವರ್ಷಗಳ ಇದಕ್ಕಾಗಿ ಸಿಕ್ಕಿದ್ದು, ಹೊಸ ಜಾತಿ ಗಣತಿಯಿಂದ ಅವರು ಯಾವ ಉದ್ದೇಶ ಸಾಧಿಸುತ್ತಾರೆ ಎಂದು ಪ್ರಶ್ನಿಸಿದರು. 90 ದಿನಗಳಲ್ಲಿ ಜಾತಿ ಗಣತಿ ಮರು ಸಮೀಕ್ಷೆ ಪೂರ್ಣಗೊಳ್ಳುವ ಬಗ್ಗೆ ಅನುಮಾನ ವ್ಯಕ್ತಪಡಿಸಿದ ಅವರು, ಎಸ್ ಕಿರಿಯ ಜನರನ್ನು ಪರಿಗಣಿಸಲಾಗುತ್ತಿದೆ. ಬೆಂಗಳೂರಿನಲ್ಲಿ ಆರ್‌ಸಿಬಿ ವಿಜಯೋತ್ಸವದ ಸಂದರ್ಭದಲ್ಲಿ ಕಾಲ್ತುಳಿತ ಸಂಭವಿಸಿದ ದುರಂತ ಕುರಿತು ಮಾತನಾಡಿದ ಅವರು, ಇದು ಸರ್ಕಾರದ ಬೇಜವಾಬ್ದಾರಿತನಕ್ಕೆ ಸಾಕ್ಷಿ ಎಂದು ಟೀಕಿಸಿದರು.
ಕೋವಿಡ್ ಪರೀಕ್ಷೆ ಹೆಸರಿನಲ್ಲಿ ದುಬಾರಿ ಶುಲ್ಕ ವಿಧಿಸಿದರೆ ಸೂಕ್ತ ಕ್ರಮ: ಖಾಸಗಿ ಆಸ್ಪತ್ರೆಗಳಿಗೆ ಸಿಎಂ ಸಿದ್ದರಾಮಯ್ಯ ಎಚ್ಚರಿಕೆ
ಬೆಂಗಳೂರು: ಕೋವಿಡ್ ಪರೀಕ್ಷೆ ಹೆಸರಿನಲ್ಲಿ ಖಾಸಗಿ ಆಸ್ಪತ್ರೆಗಳು ದುಬಾರಿ ಶುಲ್ಕ ವಿಧಿಸುತ್ತಿರುವ ದೂರುಗಳ ಬಂದರೆ ಪರಿಶೀಲನೆ ನಡೆಸಿ ಸೂಕ್ತ ಕ್ರಮ ಕೈಗೊಳ್ಳುವಂತೆ ಆರೋಗ್ಯ ಇಲಾಖೆ ಅಧಿಕಾರಿಗಳಿಗೆ ಮುಖ್ಯಮಂತ್ರಿ ಸಿದ್ದರಾಮಯ್ಯ ಅವರು ಬುಧವಾರ ಎಚ್ಚರಿಕೆ ನೀಡಿದರು. ರಾಜ್ಯದಲ್ಲಿ ಕೋವಿಡ್ ಪರಿಸ್ಥಿತಿ ಕುರಿತು ಮುಖ್ಯಮಂತ್ರಿಗಳ ಗೃಹ ಕಚೇರಿ ಕೃಷ್ಣಾದಲ್ಲಿ ಬುಧವಾರ ಸಂಜೆ ಪರಿಶೀಲನಾ ಸಭೆ ನಡೆಸಿದ ಅವರು, ಈ ವೇಳೆ ಮಾತನಾಡಿದರು.
ಪ್ರಸಕ್ತ ವರ್ಷದಲ್ಲಿ ಇದುವರೆಗೆ 11 ಸಾವು ಸಂಭವಿಸಿದೆ. ಆದರೂ ಇವುಗಳಲ್ಲಿ 10 ಪ್ರಕರಣಗಳಲ್ಲಿ ಕೋವಿಡ್ ಕಾರಣದಿಂದ ಸಾವು ಸಂಭವಿಸಿಲ್ಲ. ಇತರೆ ದೀರ್ಘಕಾಲದ ಕಾಯಿಲೆಗಳಿಂದ ಸಾವು ಸಂಭವಿಸಿದೆ ಎಂದು ಅಧಿಕಾರಿಗಳು ತಿಳಿಸಿದರು. ಸಕ್ರಿಯ ಪ್ರಕರಣಗಳ ಸಂಖ್ಯೆ ಕಡಿಮೆ ಇದ್ದು, ಸೋಂಕಿತರಲ್ಲಿ ಹೆಚ್ಚಿನವರು ಮನೆಯಲ್ಲೇ ಚಿಕಿತ್ಸೆ ಪಡೆಯುತ್ತಿದ್ದಾರೆ. ಎಂದು ಕೋರೋನಾ ಪಾಸಿಟಿವ್ ಪತ್ತೆಯಾಗಿದ್ದು, ಪ್ರಸ್ತುತ ತೀವ್ರಪರಿಣಾಮ ಇಲ್ಲ. ಇಂದು ಪ್ರತಿ ದಾಖ ಕೊರೋನಾ ಸಾವು ಸಂಭವಿಸಿಲ್ಲ.
ಸಭೆಯಲ್ಲಿ ಕೋವಿಡ್ ಸೋಂಕಿನ ಪ್ರಸ್ತುತ ಪರಿಸ್ಥಿತಿ ಮತ್ತು ಮುಂಜಾಗ್ರತಾ ಕ್ರಮಗಳ ಕುರಿತು ಚರ್ಚಿಸಲಾಯಿತು. ಜನರಲ್ಲಿ ಆತಂಕ ಬೇಡ, ಆದರೆ ಎಚ್ಚರಿಕೆಯಿಂದ ಇರಬೇಕು ಎಂದು ಸೂಚಿಸಲಾಯಿತು. ಕೋವಿಡ್ ಪರೀಕ್ಷೆಯನ್ನು ಹೆಚ್ಚಿಸಲಾಗಿದ್ದು, ಪ್ರತಿದಿನ ಸರಾಸರಿ 500 ಪರೀಕ್ಷೆ ನಡೆಸಲಾಗುತ್ತಿದೆ. 10 ದಿನಗಳಲ್ಲಿ 5,000 ಕ್ಕೂ ಹೆಚ್ಚು ಪರೀಕ್ಷೆ ನಡೆಸಲಾಗಿದೆ.
ಬೆಂಗಳೂರಿನಲ್ಲಿ ಹೆಚ್ಚಿನ ಪ್ರಕರಣ ಪತ್ತೆಯಾಗಿವೆ. ಆಸ್ಪತ್ರೆಗಳಲ್ಲಿ ಅಗತ್ಯ ಬೆಡ್, ಆಮ್ಲಜನಕ ಮತ್ತು ಔಷಧಿಗಳ ದಾಸ್ತಾನು ಸಿದ್ಧವಿಡಲು ಸೂಚಿಸಲಾಗಿದೆ. ಕೋವಿಡ್ ಪರೀಕ್ಷೆಗೆ ಸರ್ಕಾರ ನಿಗದಿಪಡಿಸಿದ ದರವನ್ನೇ ವಿಧಿಸಬೇಕು. ಇದರ ಜೊತೆ ರಾಜ್ಯದಲ್ಲಿ 862 ಪಾಸಿಟಿವ್ ಪ್ರಕರಣಗಳು ವರದಿಯಾಗಿವೆ.
